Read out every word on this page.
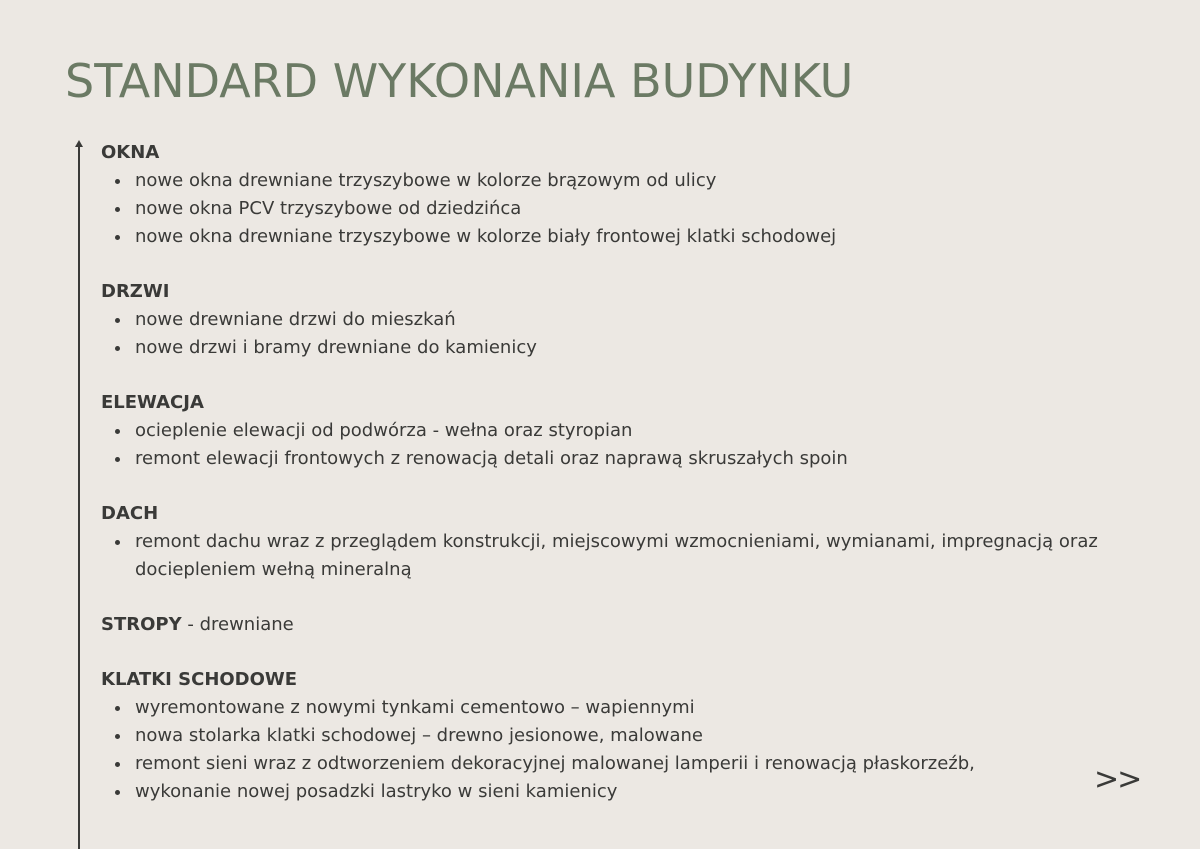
STANDARD WYKONANIA BUDYNKU
OKNA
nowe okna drewniane trzyszybowe w kolorze brązowym od ulicy
nowe okna PCV trzyszybowe od dziedzińca
nowe okna drewniane trzyszybowe w kolorze biały frontowej klatki schodowej
DRZWI
nowe drewniane drzwi do mieszkań
nowe drzwi i bramy drewniane do kamienicy
ELEWACJA
ocieplenie elewacji od podwórza - wełna oraz styropian
remont elewacji frontowych z renowacją detali oraz naprawą skruszałych spoin
DACH
remont dachu wraz z przeglądem konstrukcji, miejscowymi wzmocnieniami, wymianami, impregnacją oraz dociepleniem wełną mineralną
STROPY - drewniane
KLATKI SCHODOWE
wyremontowane z nowymi tynkami cementowo – wapiennymi
nowa stolarka klatki schodowej – drewno jesionowe, malowane
remont sieni wraz z odtworzeniem dekoracyjnej malowanej lamperii i renowacją płaskorzeźb,
wykonanie nowej posadzki lastryko w sieni kamienicy	>>
